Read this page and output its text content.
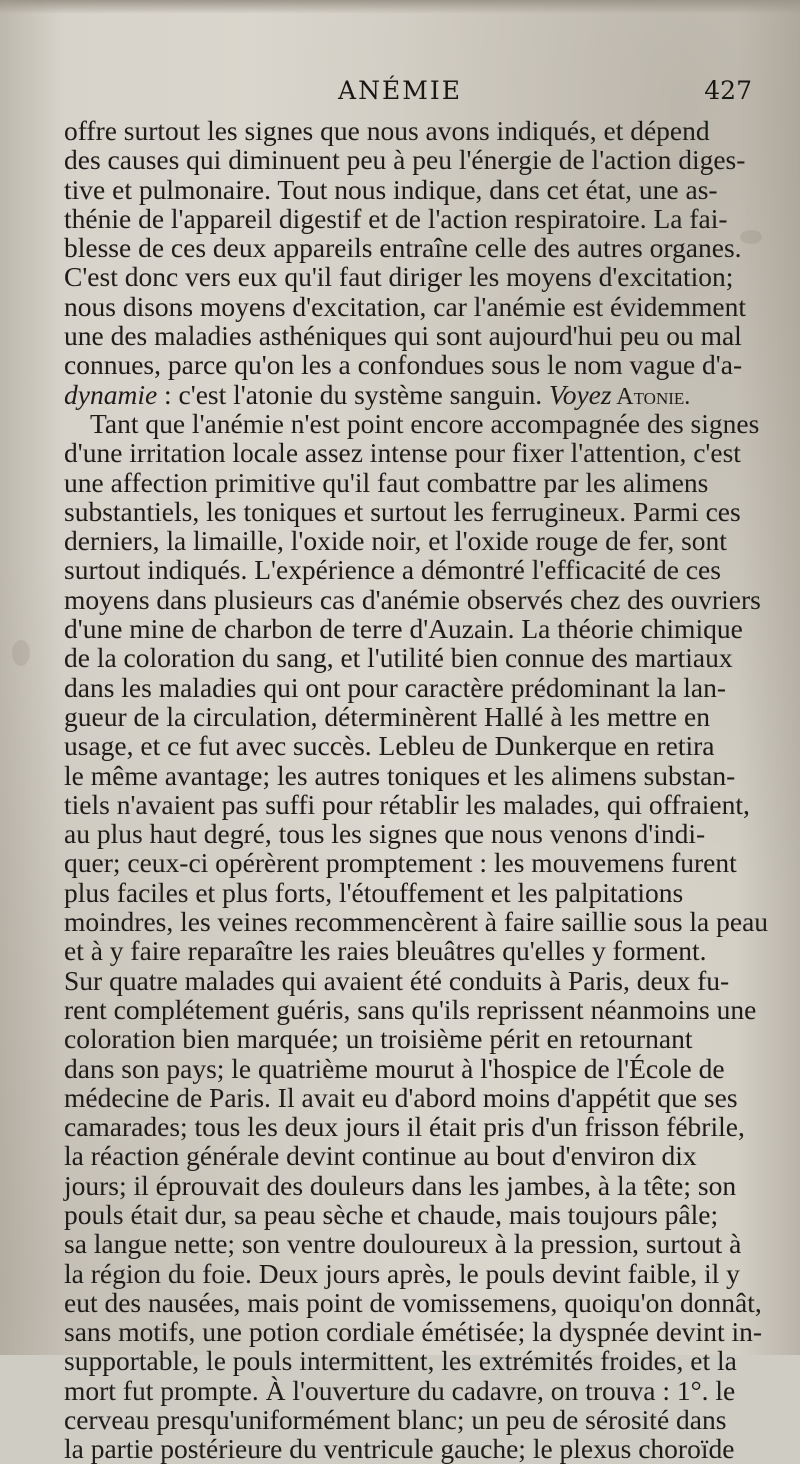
ANÉMIE	427
offre surtout les signes que nous avons indiqués, et dépend
des causes qui diminuent peu à peu l'énergie de l'action diges-
tive et pulmonaire. Tout nous indique, dans cet état, une as-
thénie de l'appareil digestif et de l'action respiratoire. La fai-
blesse de ces deux appareils entraîne celle des autres organes.
C'est donc vers eux qu'il faut diriger les moyens d'excitation;
nous disons moyens d'excitation, car l'anémie est évidemment
une des maladies asthéniques qui sont aujourd'hui peu ou mal
connues, parce qu'on les a confondues sous le nom vague d'a-
dynamie : c'est l'atonie du système sanguin. Voyez Atonie.
Tant que l'anémie n'est point encore accompagnée des signes
d'une irritation locale assez intense pour fixer l'attention, c'est
une affection primitive qu'il faut combattre par les alimens
substantiels, les toniques et surtout les ferrugineux. Parmi ces
derniers, la limaille, l'oxide noir, et l'oxide rouge de fer, sont
surtout indiqués. L'expérience a démontré l'efficacité de ces
moyens dans plusieurs cas d'anémie observés chez des ouvriers
d'une mine de charbon de terre d'Auzain. La théorie chimique
de la coloration du sang, et l'utilité bien connue des martiaux
dans les maladies qui ont pour caractère prédominant la lan-
gueur de la circulation, déterminèrent Hallé à les mettre en
usage, et ce fut avec succès. Lebleu de Dunkerque en retira
le même avantage; les autres toniques et les alimens substan-
tiels n'avaient pas suffi pour rétablir les malades, qui offraient,
au plus haut degré, tous les signes que nous venons d'indi-
quer; ceux-ci opérèrent promptement : les mouvemens furent
plus faciles et plus forts, l'étouffement et les palpitations
moindres, les veines recommencèrent à faire saillie sous la peau
et à y faire reparaître les raies bleuâtres qu'elles y forment.
Sur quatre malades qui avaient été conduits à Paris, deux fu-
rent complétement guéris, sans qu'ils reprissent néanmoins une
coloration bien marquée; un troisième périt en retournant
dans son pays; le quatrième mourut à l'hospice de l'École de
médecine de Paris. Il avait eu d'abord moins d'appétit que ses
camarades; tous les deux jours il était pris d'un frisson fébrile,
la réaction générale devint continue au bout d'environ dix
jours; il éprouvait des douleurs dans les jambes, à la tête; son
pouls était dur, sa peau sèche et chaude, mais toujours pâle;
sa langue nette; son ventre douloureux à la pression, surtout à
la région du foie. Deux jours après, le pouls devint faible, il y
eut des nausées, mais point de vomissemens, quoiqu'on donnât,
sans motifs, une potion cordiale émétisée; la dyspnée devint in-
supportable, le pouls intermittent, les extrémités froides, et la
mort fut prompte. À l'ouverture du cadavre, on trouva : 1°. le
cerveau presqu'uniformément blanc; un peu de sérosité dans
la partie postérieure du ventricule gauche; le plexus choroïde
